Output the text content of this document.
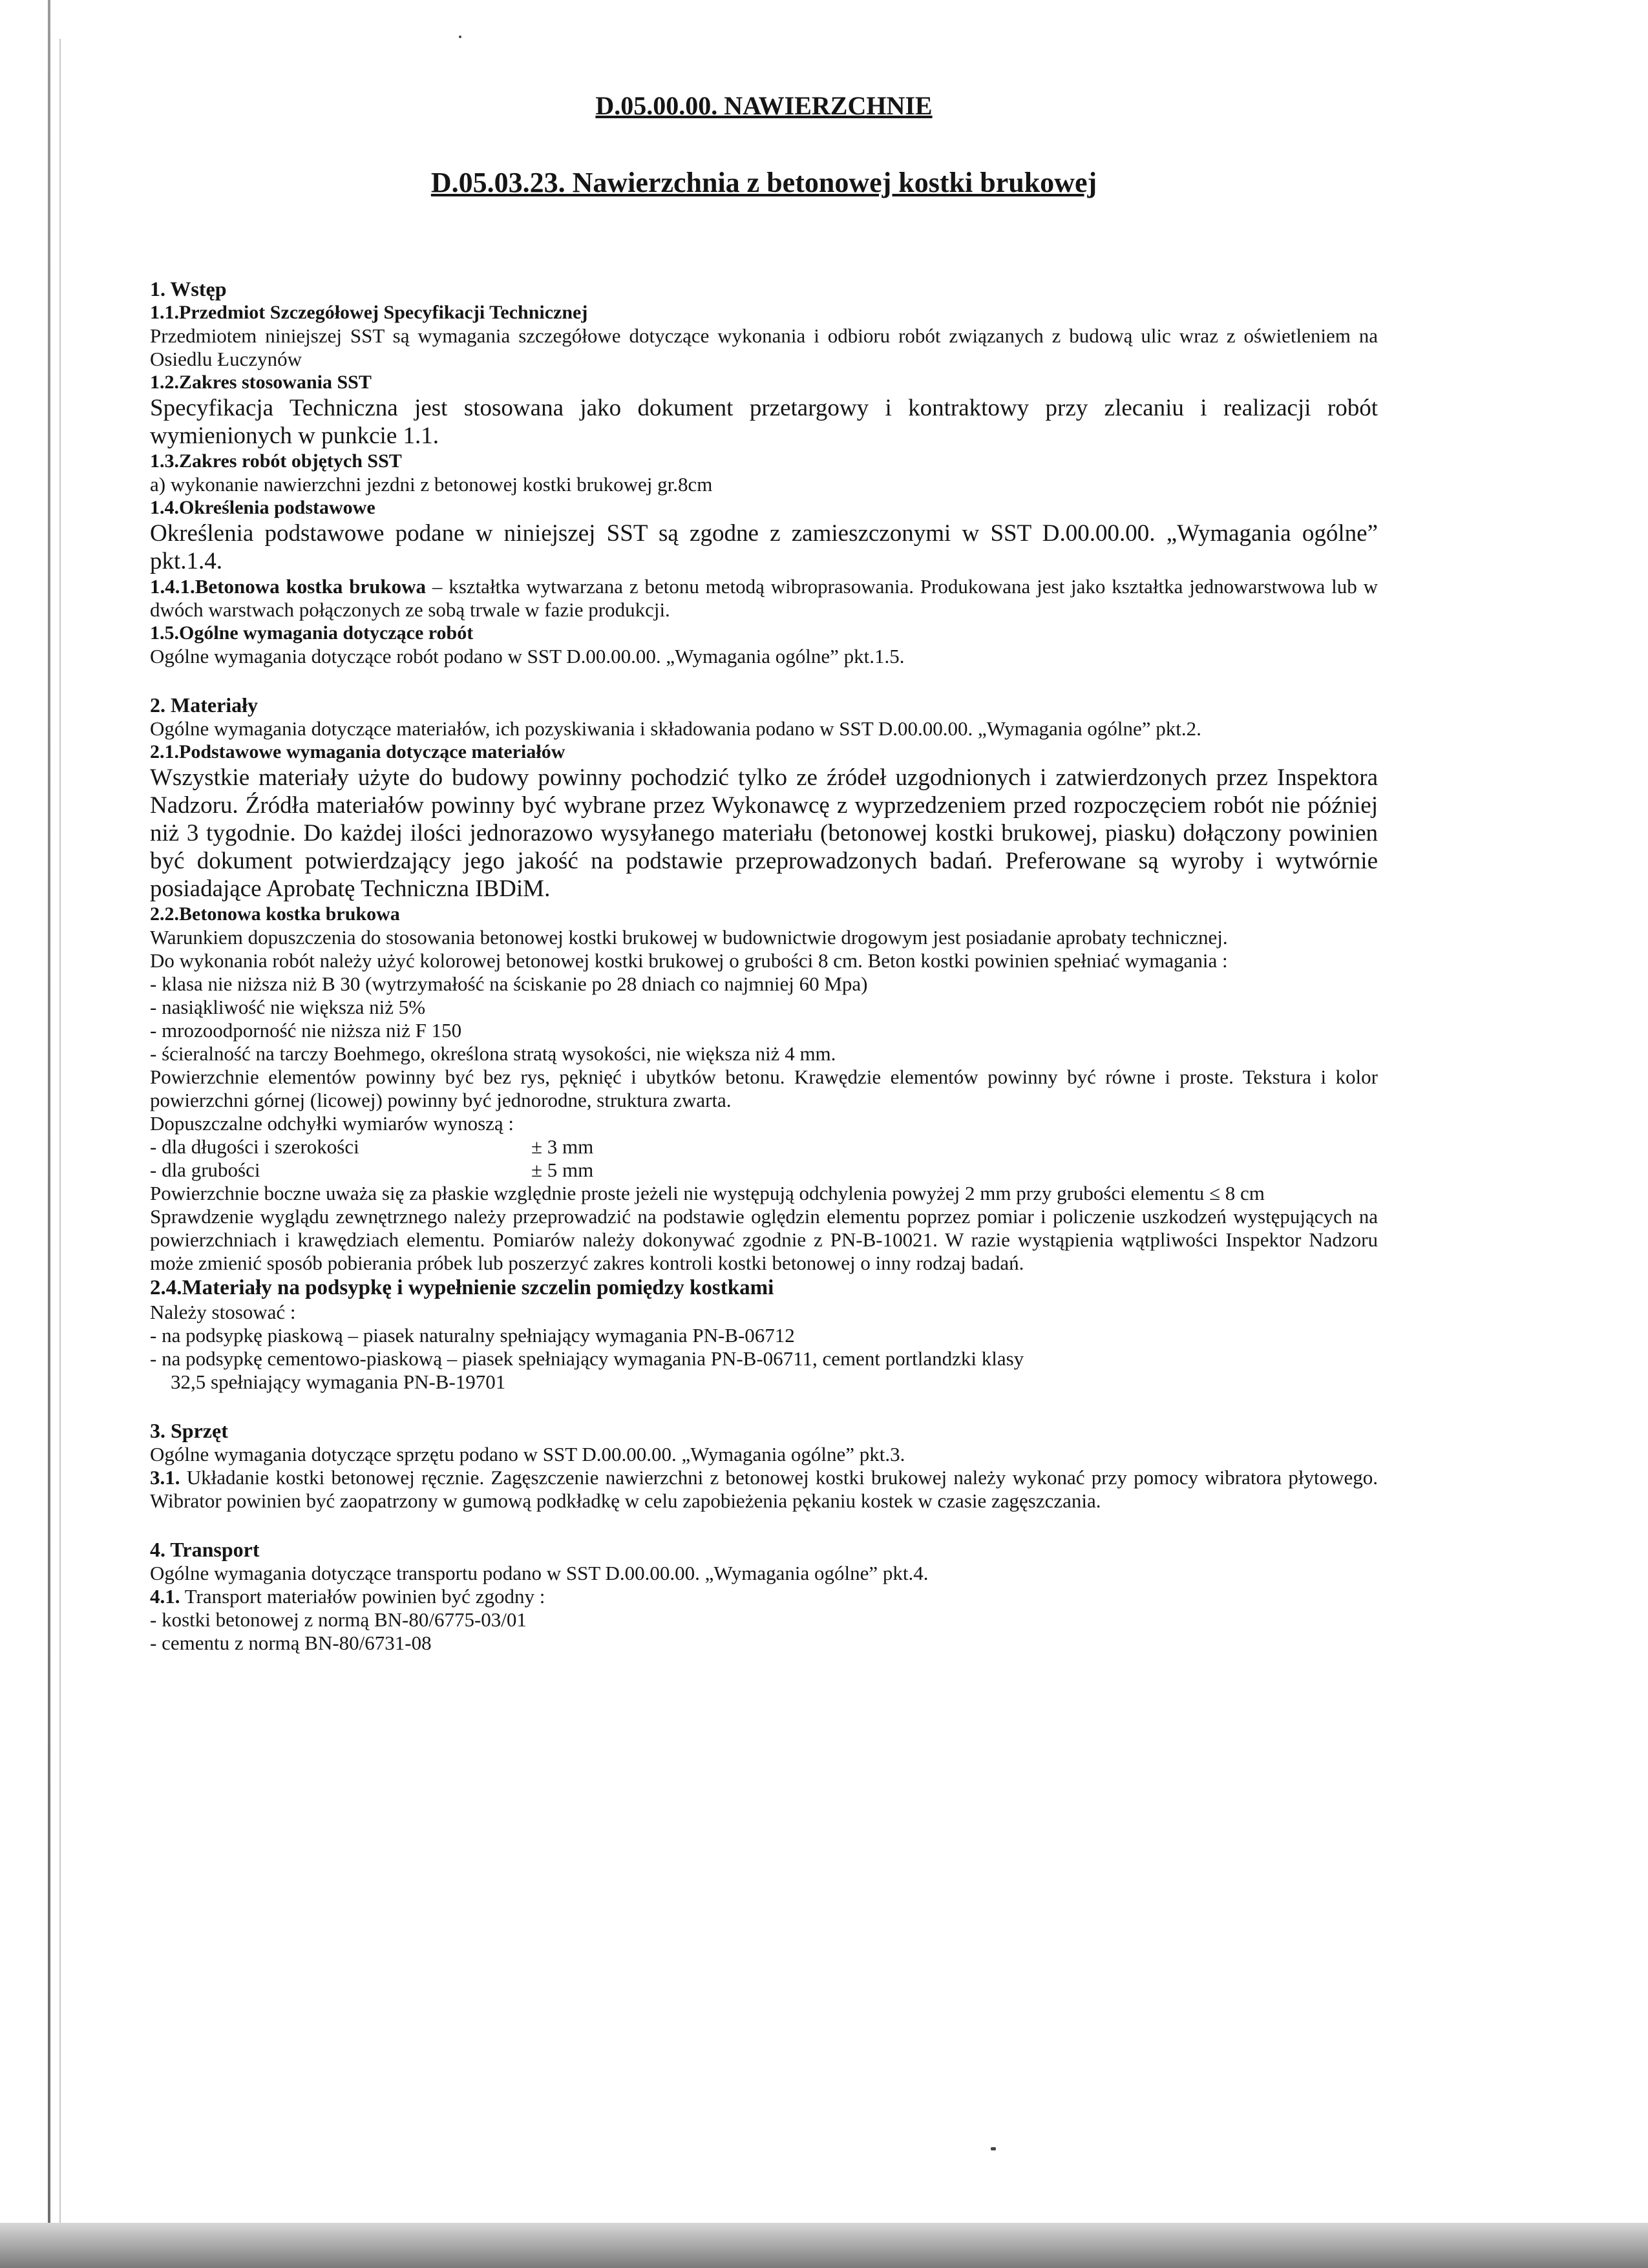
D.05.00.00. NAWIERZCHNIE
D.05.03.23. Nawierzchnia z betonowej kostki brukowej

1. Wstęp

1.1.Przedmiot Szczegółowej Specyfikacji Technicznej

Przedmiotem niniejszej SST są wymagania szczegółowe dotyczące wykonania i odbioru robót związanych z budową ulic wraz z oświetleniem na Osiedlu Łuczynów

1.2.Zakres stosowania SST

Specyfikacja Techniczna jest stosowana jako dokument przetargowy i kontraktowy przy zlecaniu i realizacji robót wymienionych w punkcie 1.1.

1.3.Zakres robót objętych SST

a) wykonanie nawierzchni jezdni z betonowej kostki brukowej gr.8cm

1.4.Określenia podstawowe

Określenia podstawowe podane w niniejszej SST są zgodne z zamieszczonymi w SST D.00.00.00. „Wymagania ogólne” pkt.1.4.

1.4.1.Betonowa kostka brukowa – kształtka wytwarzana z betonu metodą wibroprasowania. Produkowana jest jako kształtka jednowarstwowa lub w dwóch warstwach połączonych ze sobą trwale w fazie produkcji.

1.5.Ogólne wymagania dotyczące robót

Ogólne wymagania dotyczące robót podano w SST D.00.00.00. „Wymagania ogólne” pkt.1.5.

2. Materiały

Ogólne wymagania dotyczące materiałów, ich pozyskiwania i składowania podano w SST D.00.00.00. „Wymagania ogólne” pkt.2.

2.1.Podstawowe wymagania dotyczące materiałów

Wszystkie materiały użyte do budowy powinny pochodzić tylko ze źródeł uzgodnionych i zatwierdzonych przez Inspektora Nadzoru. Źródła materiałów powinny być wybrane przez Wykonawcę z wyprzedzeniem przed rozpoczęciem robót nie później niż 3 tygodnie. Do każdej ilości jednorazowo wysyłanego materiału (betonowej kostki brukowej, piasku) dołączony powinien być dokument potwierdzający jego jakość na podstawie przeprowadzonych badań. Preferowane są wyroby i wytwórnie posiadające Aprobatę Techniczna IBDiM.

2.2.Betonowa kostka brukowa

Warunkiem dopuszczenia do stosowania betonowej kostki brukowej w budownictwie drogowym jest posiadanie aprobaty technicznej.

Do wykonania robót należy użyć kolorowej betonowej kostki brukowej o grubości 8 cm. Beton kostki powinien spełniać wymagania :

- klasa nie niższa niż B 30 (wytrzymałość na ściskanie po 28 dniach co najmniej 60 Mpa)

- nasiąkliwość nie większa niż 5%

- mrozoodporność nie niższa niż F 150

- ścieralność na tarczy Boehmego, określona stratą wysokości, nie większa niż 4 mm.

Powierzchnie elementów powinny być bez rys, pęknięć i ubytków betonu. Krawędzie elementów powinny być równe i proste. Tekstura i kolor powierzchni górnej (licowej) powinny być jednorodne, struktura zwarta.

Dopuszczalne odchyłki wymiarów wynoszą :

- dla długości i szerokości	± 3 mm
- dla grubości	± 5 mm

Powierzchnie boczne uważa się za płaskie względnie proste jeżeli nie występują odchylenia powyżej 2 mm przy grubości elementu ≤ 8 cm

Sprawdzenie wyglądu zewnętrznego należy przeprowadzić na podstawie oględzin elementu poprzez pomiar i policzenie uszkodzeń występujących na powierzchniach i krawędziach elementu. Pomiarów należy dokonywać zgodnie z PN-B-10021. W razie wystąpienia wątpliwości Inspektor Nadzoru może zmienić sposób pobierania próbek lub poszerzyć zakres kontroli kostki betonowej o inny rodzaj badań.

2.4.Materiały na podsypkę i wypełnienie szczelin pomiędzy kostkami

Należy stosować :

- na podsypkę piaskową – piasek naturalny spełniający wymagania PN-B-06712

- na podsypkę cementowo-piaskową – piasek spełniający wymagania PN-B-06711, cement portlandzki klasy

32,5 spełniający wymagania PN-B-19701

3. Sprzęt

Ogólne wymagania dotyczące sprzętu podano w SST D.00.00.00. „Wymagania ogólne” pkt.3.

3.1. Układanie kostki betonowej ręcznie. Zagęszczenie nawierzchni z betonowej kostki brukowej należy wykonać przy pomocy wibratora płytowego. Wibrator powinien być zaopatrzony w gumową podkładkę w celu zapobieżenia pękaniu kostek w czasie zagęszczania.

4. Transport

Ogólne wymagania dotyczące transportu podano w SST D.00.00.00. „Wymagania ogólne” pkt.4.

4.1. Transport materiałów powinien być zgodny :

- kostki betonowej z normą BN-80/6775-03/01

- cementu z normą BN-80/6731-08
